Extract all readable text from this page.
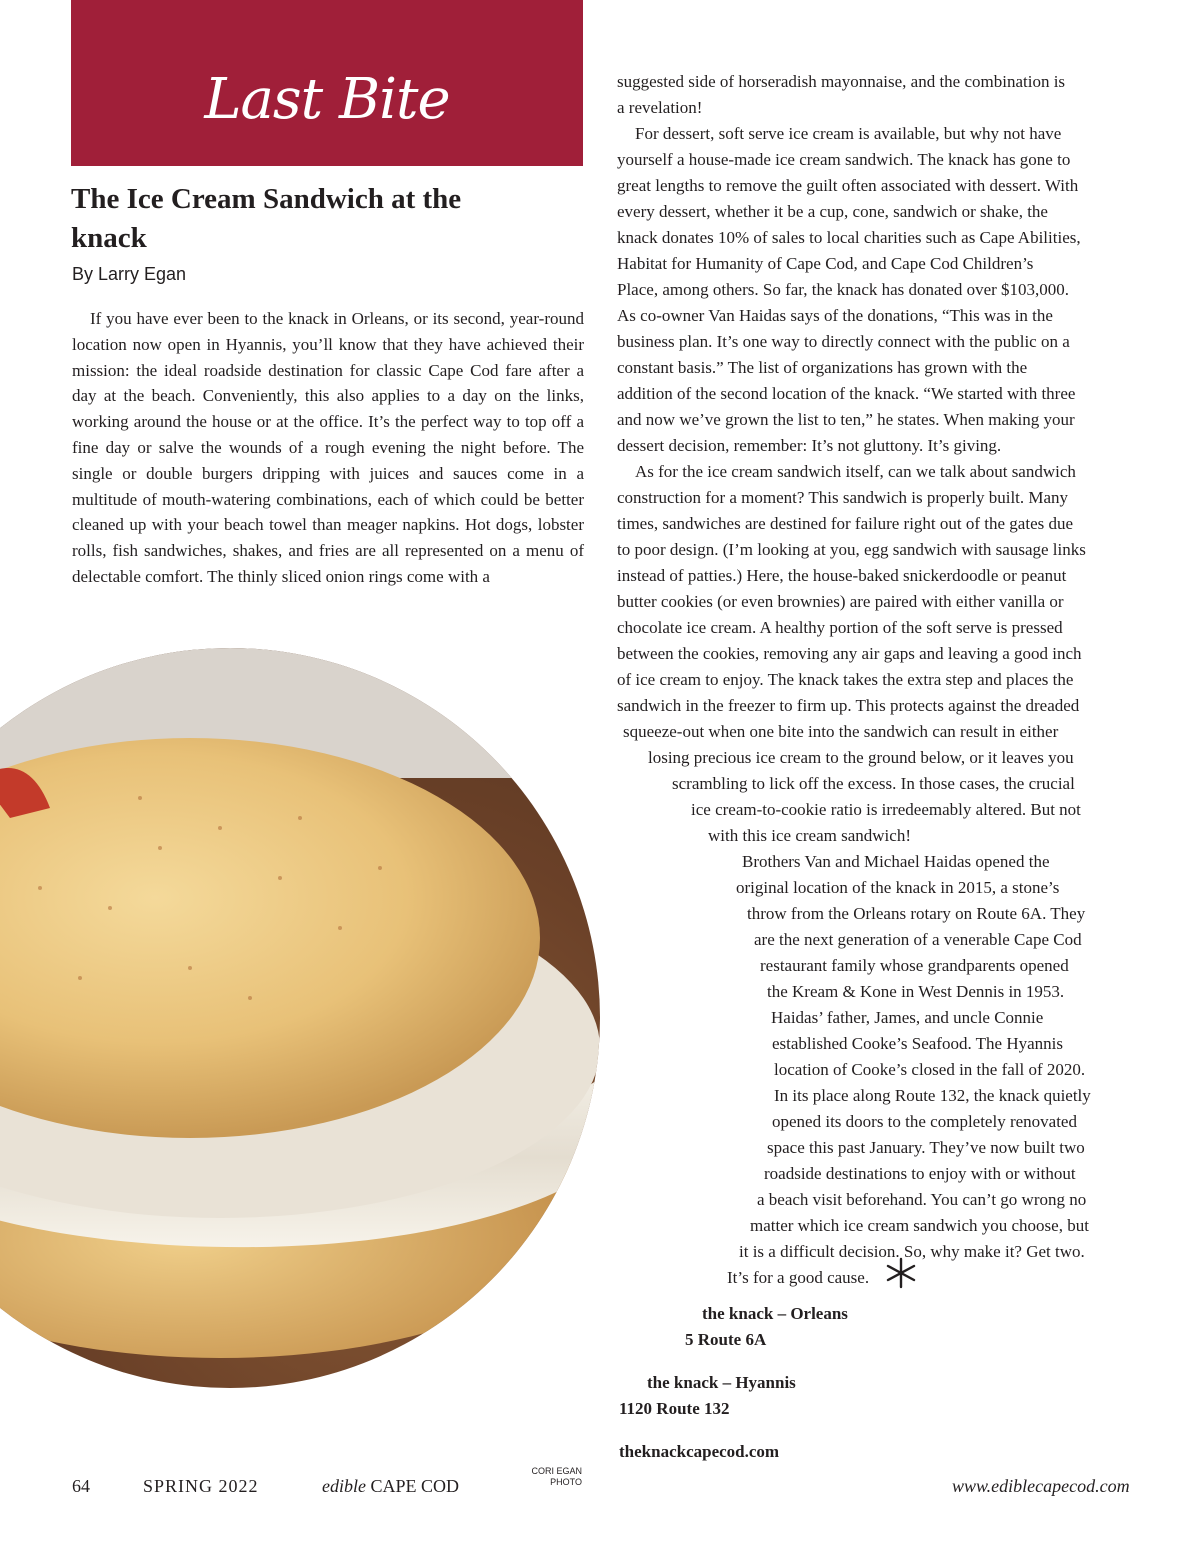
Last Bite
The Ice Cream Sandwich at the knack
By Larry Egan

If you have ever been to the knack in Orleans, or its second, year-round location now open in Hyannis, you’ll know that they have achieved their mission: the ideal roadside destination for classic Cape Cod fare after a day at the beach. Conveniently, this also applies to a day on the links, working around the house or at the office. It’s the perfect way to top off a fine day or salve the wounds of a rough evening the night before. The single or double burgers dripping with juices and sauces come in a multitude of mouth-watering combinations, each of which could be better cleaned up with your beach towel than meager napkins. Hot dogs, lobster rolls, fish sandwiches, shakes, and fries are all represented on a menu of delectable comfort. The thinly sliced onion rings come with a

CORI EGAN
PHOTO
suggested side of horseradish mayonnaise, and the combination is
a revelation!
For dessert, soft serve ice cream is available, but why not have
yourself a house-made ice cream sandwich. The knack has gone to
great lengths to remove the guilt often associated with dessert. With
every dessert, whether it be a cup, cone, sandwich or shake, the
knack donates 10% of sales to local charities such as Cape Abilities,
Habitat for Humanity of Cape Cod, and Cape Cod Children’s
Place, among others. So far, the knack has donated over $103,000.
As co-owner Van Haidas says of the donations, “This was in the
business plan. It’s one way to directly connect with the public on a
constant basis.” The list of organizations has grown with the
addition of the second location of the knack. “We started with three
and now we’ve grown the list to ten,” he states. When making your
dessert decision, remember: It’s not gluttony. It’s giving.
As for the ice cream sandwich itself, can we talk about sandwich
construction for a moment? This sandwich is properly built. Many
times, sandwiches are destined for failure right out of the gates due
to poor design. (I’m looking at you, egg sandwich with sausage links
instead of patties.) Here, the house-baked snickerdoodle or peanut
butter cookies (or even brownies) are paired with either vanilla or
chocolate ice cream. A healthy portion of the soft serve is pressed
between the cookies, removing any air gaps and leaving a good inch
of ice cream to enjoy. The knack takes the extra step and places the
sandwich in the freezer to firm up. This protects against the dreaded
squeeze-out when one bite into the sandwich can result in either
losing precious ice cream to the ground below, or it leaves you
scrambling to lick off the excess. In those cases, the crucial
ice cream-to-cookie ratio is irredeemably altered. But not
with this ice cream sandwich!
Brothers Van and Michael Haidas opened the
original location of the knack in 2015, a stone’s
throw from the Orleans rotary on Route 6A. They
are the next generation of a venerable Cape Cod
restaurant family whose grandparents opened
the Kream & Kone in West Dennis in 1953.
Haidas’ father, James, and uncle Connie
established Cooke’s Seafood. The Hyannis
location of Cooke’s closed in the fall of 2020.
In its place along Route 132, the knack quietly
opened its doors to the completely renovated
space this past January. They’ve now built two
roadside destinations to enjoy with or without
a beach visit beforehand. You can’t go wrong no
matter which ice cream sandwich you choose, but
it is a difficult decision. So, why make it? Get two.
It’s for a good cause.
the knack – Orleans
5 Route 6A
the knack – Hyannis
1120 Route 132
theknackcapecod.com
64	SPRING 2022	edible CAPE COD	www.ediblecapecod.com
